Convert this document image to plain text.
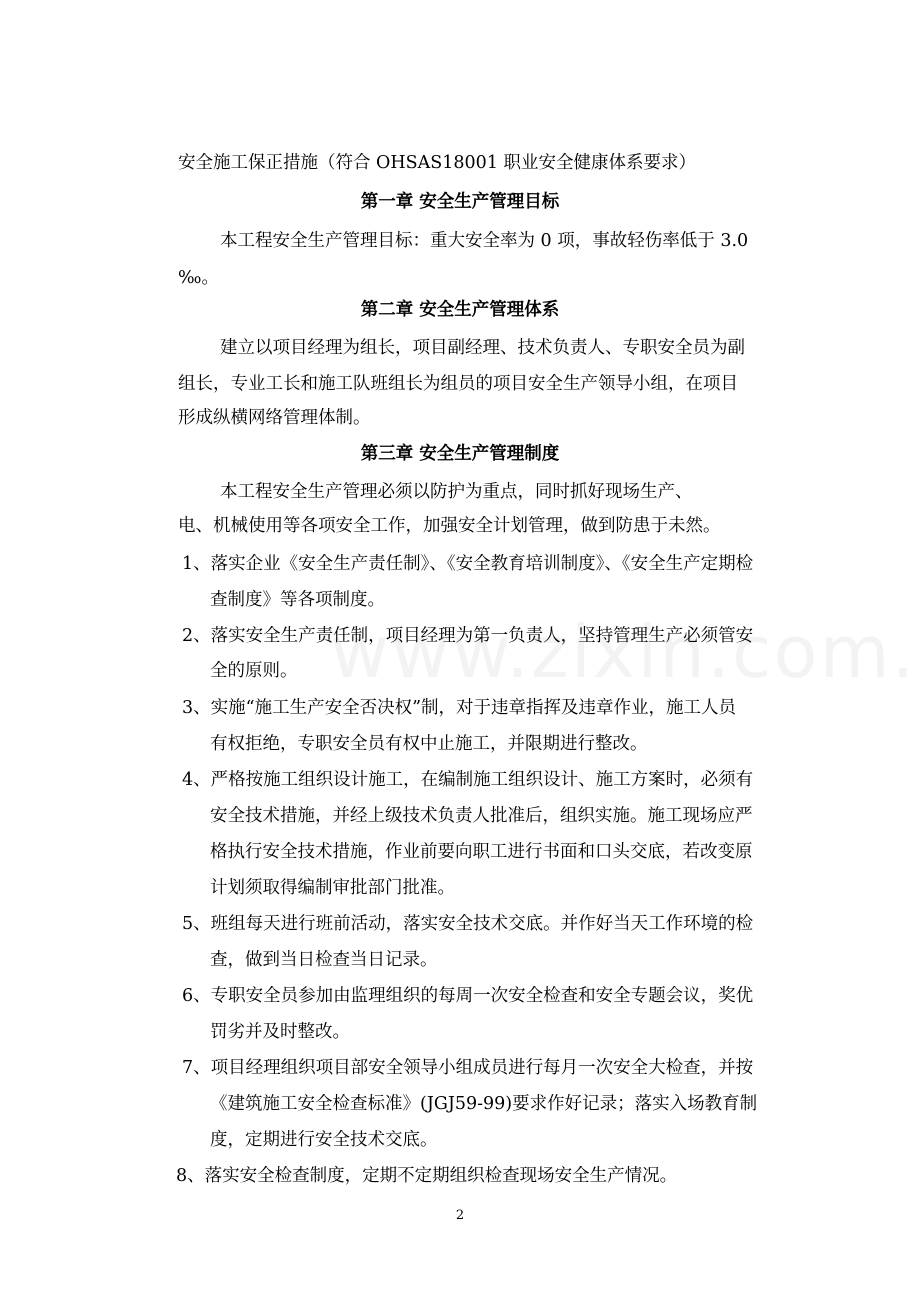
安全施工保正措施（符合 OHSAS18001 职业安全健康体系要求）
第一章 安全生产管理目标
本工程安全生产管理目标：重大安全率为 0 项，事故轻伤率低于 3.0
‰。
第二章 安全生产管理体系
建立以项目经理为组长，项目副经理、技术负责人、专职安全员为副
组长，专业工长和施工队班组长为组员的项目安全生产领导小组，在项目
形成纵横网络管理体制。
第三章 安全生产管理制度
本工程安全生产管理必须以防护为重点，同时抓好现场生产、
电、机械使用等各项安全工作，加强安全计划管理，做到防患于未然。
1、落实企业《安全生产责任制》、《安全教育培训制度》、《安全生产定期检
查制度》等各项制度。
2、落实安全生产责任制，项目经理为第一负责人，坚持管理生产必须管安
全的原则。
3、实施“施工生产安全否决权”制，对于违章指挥及违章作业，施工人员
有权拒绝，专职安全员有权中止施工，并限期进行整改。
4、严格按施工组织设计施工，在编制施工组织设计、施工方案时，必须有
安全技术措施，并经上级技术负责人批准后，组织实施。施工现场应严
格执行安全技术措施，作业前要向职工进行书面和口头交底，若改变原
计划须取得编制审批部门批准。
5、班组每天进行班前活动，落实安全技术交底。并作好当天工作环境的检
查，做到当日检查当日记录。
6、专职安全员参加由监理组织的每周一次安全检查和安全专题会议，奖优
罚劣并及时整改。
7、项目经理组织项目部安全领导小组成员进行每月一次安全大检查，并按
《建筑施工安全检查标准》(JGJ59-99)要求作好记录；落实入场教育制
度，定期进行安全技术交底。
8、落实安全检查制度，定期不定期组织检查现场安全生产情况。
2
